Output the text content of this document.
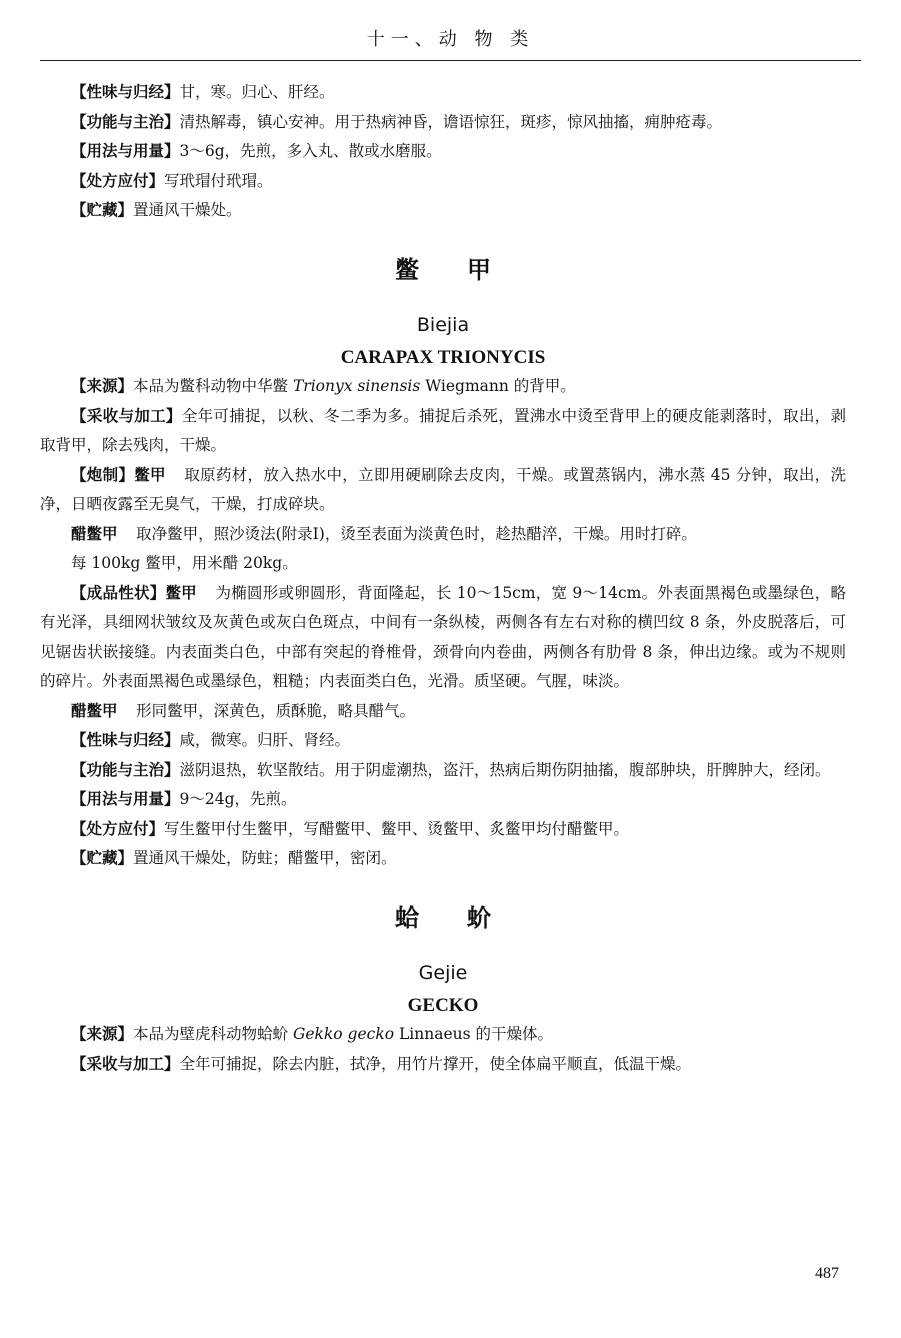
十一、动 物 类

【性味与归经】甘，寒。归心、肝经。

【功能与主治】清热解毒，镇心安神。用于热病神昏，谵语惊狂，斑疹，惊风抽搐，痈肿疮毒。

【用法与用量】3～6g，先煎，多入丸、散或水磨服。

【处方应付】写玳瑁付玳瑁。

【贮藏】置通风干燥处。

鳖甲
Biejia
CARAPAX TRIONYCIS

【来源】本品为鳖科动物中华鳖 Trionyx sinensis Wiegmann 的背甲。

【采收与加工】全年可捕捉，以秋、冬二季为多。捕捉后杀死，置沸水中烫至背甲上的硬皮能剥落时，取出，剥取背甲，除去残肉，干燥。

【炮制】鳖甲 取原药材，放入热水中，立即用硬刷除去皮肉，干燥。或置蒸锅内，沸水蒸 45 分钟，取出，洗净，日晒夜露至无臭气，干燥，打成碎块。

醋鳖甲 取净鳖甲，照沙烫法(附录Ⅰ)，烫至表面为淡黄色时，趁热醋淬，干燥。用时打碎。

每 100kg 鳖甲，用米醋 20kg。

【成品性状】鳖甲 为椭圆形或卵圆形，背面隆起，长 10～15cm，宽 9～14cm。外表面黑褐色或墨绿色，略有光泽，具细网状皱纹及灰黄色或灰白色斑点，中间有一条纵棱，两侧各有左右对称的横凹纹 8 条，外皮脱落后，可见锯齿状嵌接缝。内表面类白色，中部有突起的脊椎骨，颈骨向内卷曲，两侧各有肋骨 8 条，伸出边缘。或为不规则的碎片。外表面黑褐色或墨绿色，粗糙；内表面类白色，光滑。质坚硬。气腥，味淡。

醋鳖甲 形同鳖甲，深黄色，质酥脆，略具醋气。

【性味与归经】咸，微寒。归肝、肾经。

【功能与主治】滋阴退热，软坚散结。用于阴虚潮热，盗汗，热病后期伤阴抽搐，腹部肿块，肝脾肿大，经闭。

【用法与用量】9～24g，先煎。

【处方应付】写生鳖甲付生鳖甲，写醋鳖甲、鳖甲、烫鳖甲、炙鳖甲均付醋鳖甲。

【贮藏】置通风干燥处，防蛀；醋鳖甲，密闭。

蛤蚧
Gejie
GECKO

【来源】本品为壁虎科动物蛤蚧 Gekko gecko Linnaeus 的干燥体。

【采收与加工】全年可捕捉，除去内脏，拭净，用竹片撑开，使全体扁平顺直，低温干燥。

487
